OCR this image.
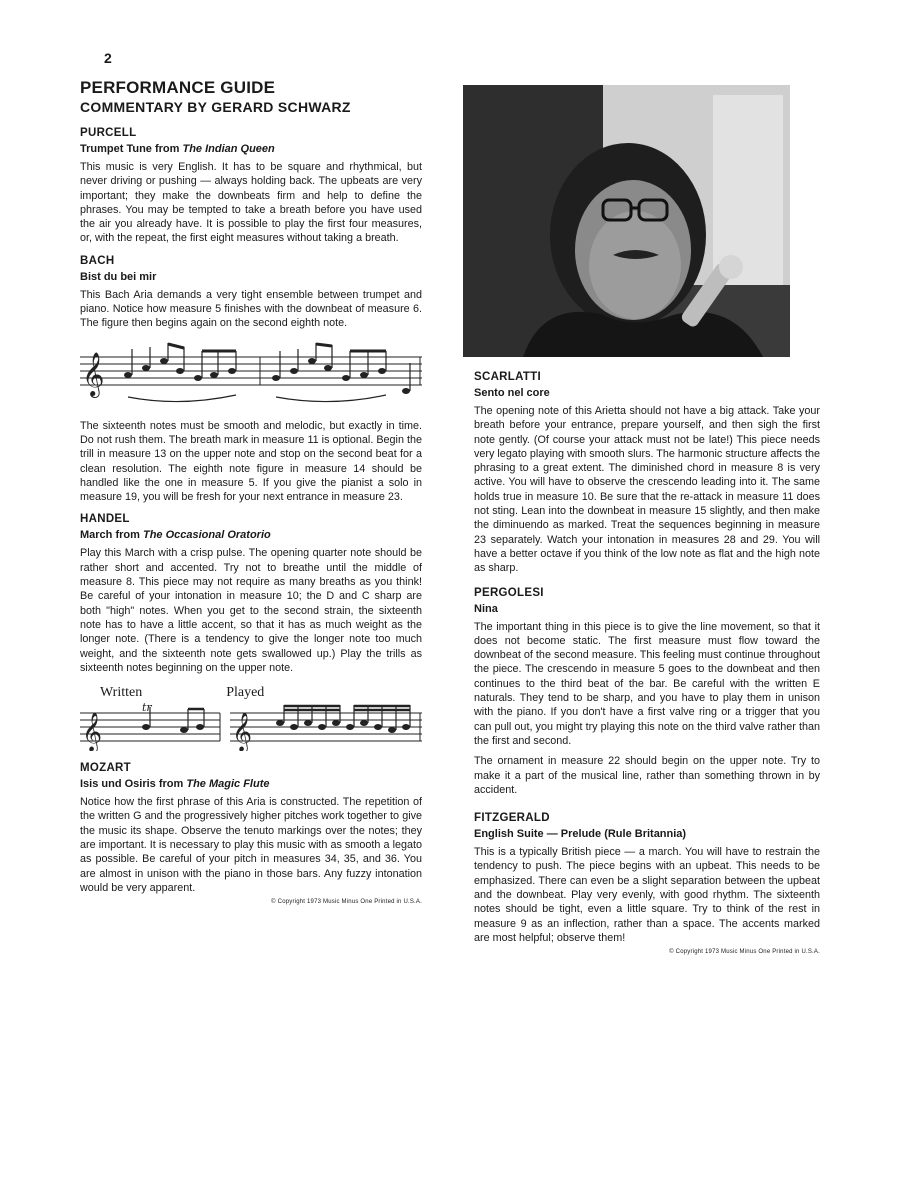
2
PERFORMANCE GUIDE
COMMENTARY BY GERARD SCHWARZ
PURCELL
Trumpet Tune from The Indian Queen

This music is very English. It has to be square and rhythmical, but never driving or pushing — always holding back. The upbeats are very important; they make the downbeats firm and help to define the phrases. You may be tempted to take a breath before you have used the air you already have. It is possible to play the first four measures, or, with the repeat, the first eight measures without taking a breath.

BACH
Bist du bei mir

This Bach Aria demands a very tight ensemble between trumpet and piano. Notice how measure 5 finishes with the downbeat of measure 6. The figure then begins again on the second eighth note.

𝄞

The sixteenth notes must be smooth and melodic, but exactly in time. Do not rush them. The breath mark in measure 11 is optional. Begin the trill in measure 13 on the upper note and stop on the second beat for a clean resolution. The eighth note figure in measure 14 should be handled like the one in measure 5. If you give the pianist a solo in measure 19, you will be fresh for your next entrance in measure 23.

HANDEL
March from The Occasional Oratorio

Play this March with a crisp pulse. The opening quarter note should be rather short and accented. Try not to breathe until the middle of measure 8. This piece may not require as many breaths as you think! Be careful of your intonation in measure 10; the D and C sharp are both "high" notes. When you get to the second strain, the sixteenth note has to have a little accent, so that it has as much weight as the longer note. (There is a tendency to give the longer note too much weight, and the sixteenth note gets swallowed up.) Play the trills as sixteenth notes beginning on the upper note.

Written	Played
𝄞	𝄞
tr
MOZART
Isis und Osiris from The Magic Flute

Notice how the first phrase of this Aria is constructed. The repetition of the written G and the progressively higher pitches work together to give the music its shape. Observe the tenuto markings over the notes; they are important. It is necessary to play this music with as smooth a legato as possible. Be careful of your pitch in measures 34, 35, and 36. You are almost in unison with the piano in those bars. Any fuzzy intonation would be very apparent.

© Copyright 1973 Music Minus One Printed in U.S.A.
SCARLATTI
Sento nel core

The opening note of this Arietta should not have a big attack. Take your breath before your entrance, prepare yourself, and then sigh the first note gently. (Of course your attack must not be late!) This piece needs very legato playing with smooth slurs. The harmonic structure affects the phrasing to a great extent. The diminished chord in measure 8 is very active. You will have to observe the crescendo leading into it. The same holds true in measure 10. Be sure that the re-attack in measure 11 does not sting. Lean into the downbeat in measure 15 slightly, and then make the diminuendo as marked. Treat the sequences beginning in measure 23 separately. Watch your intonation in measures 28 and 29. You will have a better octave if you think of the low note as flat and the high note as sharp.

PERGOLESI
Nina

The important thing in this piece is to give the line movement, so that it does not become static. The first measure must flow toward the downbeat of the second measure. This feeling must continue throughout the piece. The crescendo in measure 5 goes to the downbeat and then continues to the third beat of the bar. Be careful with the written E naturals. They tend to be sharp, and you have to play them in unison with the piano. If you don't have a first valve ring or a trigger that you can pull out, you might try playing this note on the third valve rather than the first and second.

The ornament in measure 22 should begin on the upper note. Try to make it a part of the musical line, rather than something thrown in by accident.

FITZGERALD
English Suite — Prelude (Rule Britannia)

This is a typically British piece — a march. You will have to restrain the tendency to push. The piece begins with an upbeat. This needs to be emphasized. There can even be a slight separation between the upbeat and the downbeat. Play very evenly, with good rhythm. The sixteenth notes should be tight, even a little square. Try to think of the rest in measure 9 as an inflection, rather than a space. The accents marked are most helpful; observe them!

© Copyright 1973 Music Minus One Printed in U.S.A.
